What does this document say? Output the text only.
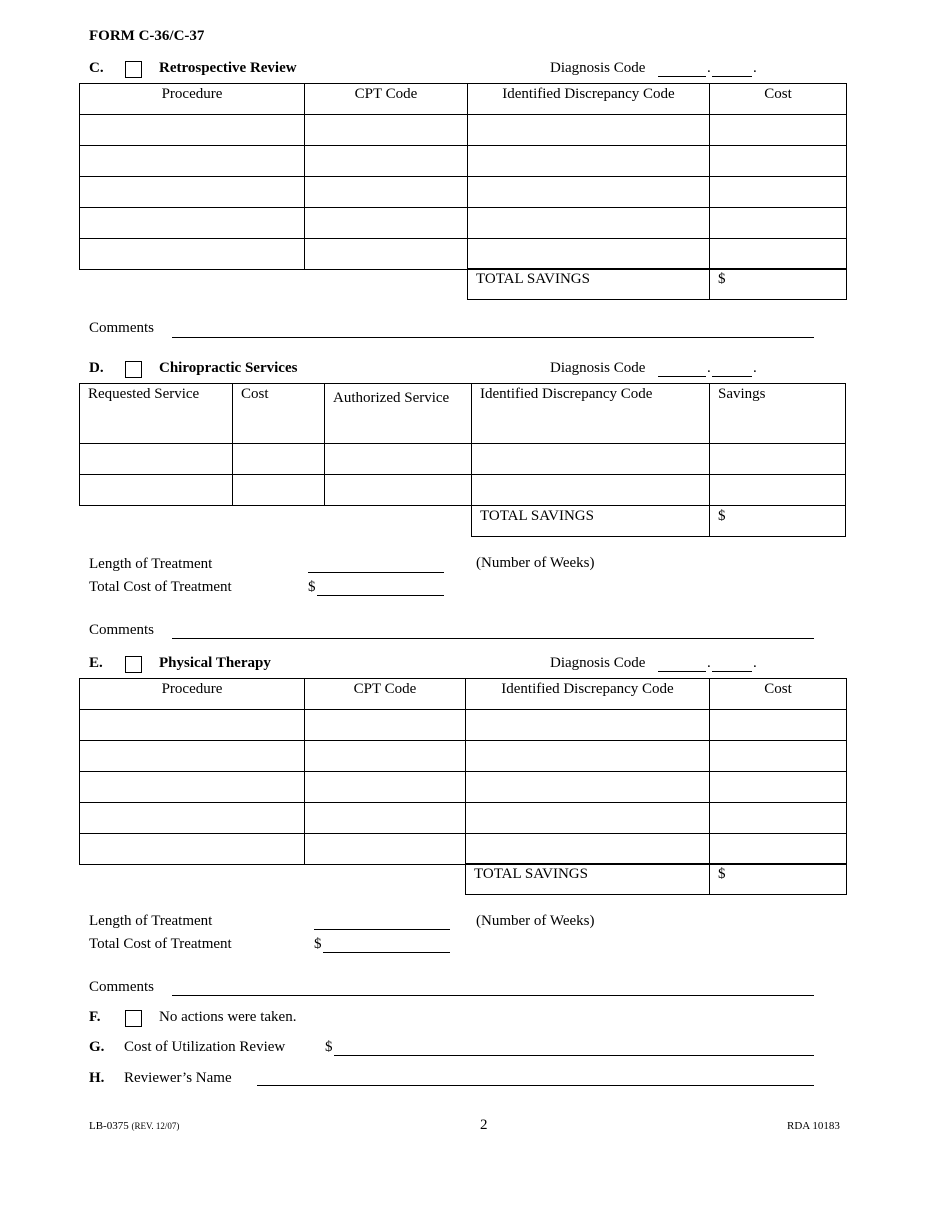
FORM C-36/C-37
C.	Retrospective Review	Diagnosis Code	.	.
Procedure	CPT Code	Identified Discrepancy Code	Cost

TOTAL SAVINGS	$
Comments
D.	Chiropractic Services	Diagnosis Code	.	.
Requested Service	Cost	Authorized Service	Identified Discrepancy Code	Savings

TOTAL SAVINGS	$
Length of Treatment	(Number of Weeks)
Total Cost of Treatment	$
Comments
E.	Physical Therapy	Diagnosis Code	.	.
Procedure	CPT Code	Identified Discrepancy Code	Cost

TOTAL SAVINGS	$
Length of Treatment	(Number of Weeks)
Total Cost of Treatment	$
Comments
F.	No actions were taken.
G. Cost of Utilization Review	$
H. Reviewer’s Name
LB-0375 (REV. 12/07)	2	RDA 10183
